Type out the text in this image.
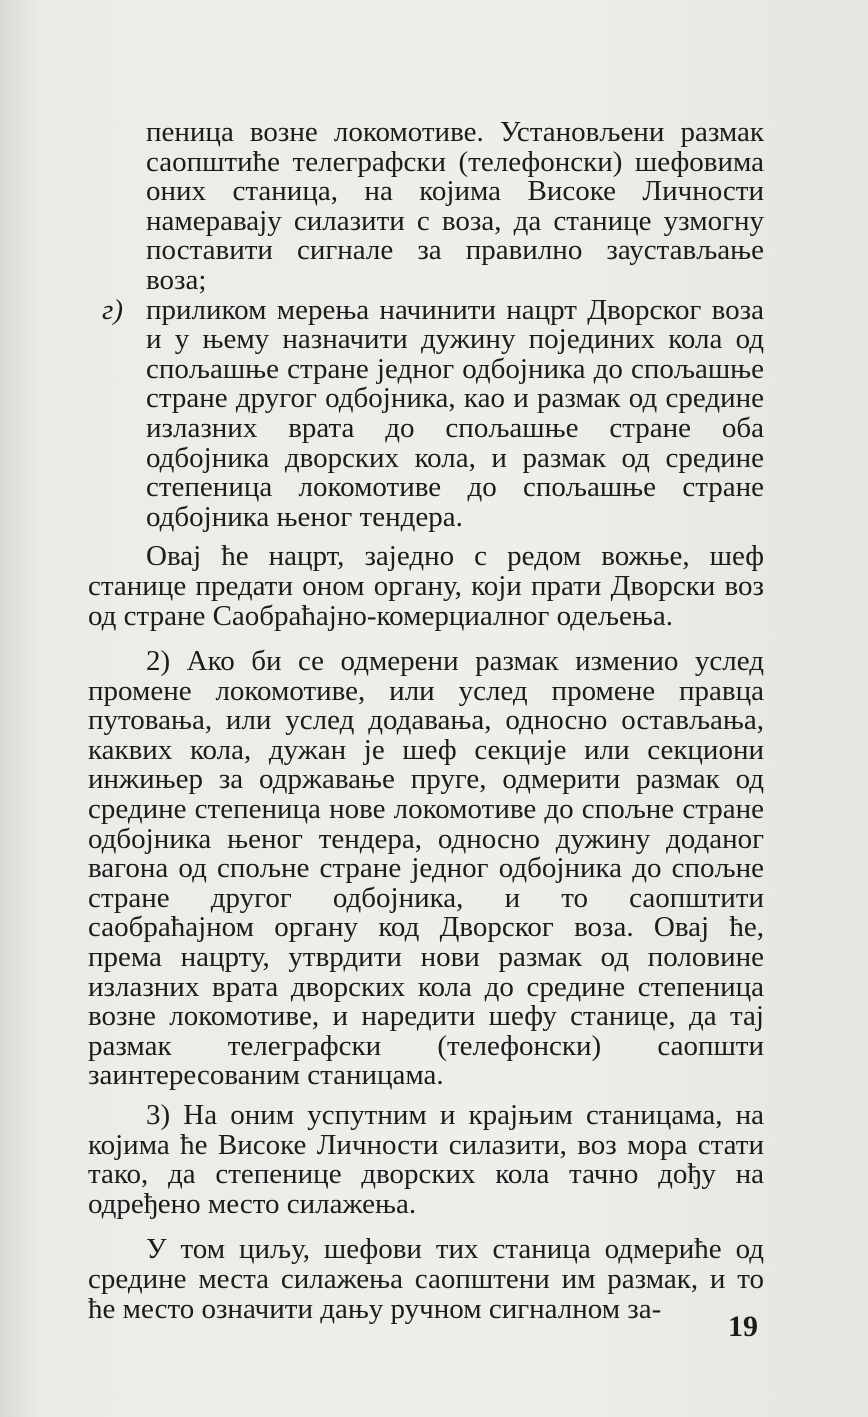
пеница возне локомотиве. Установљени размак саопштиће телеграфски (телефонски) шефовима оних станица, на којима Високе Личности намеравају силазити с воза, да станице узмогну поставити сигнале за правилно заустављање воза;

г) приликом мерења начинити нацрт Дворског воза и у њему назначити дужину појединих кола од спољашње стране једног одбојника до спољашње стране другог одбојника, као и размак од средине излазних врата до спољашње стране оба одбојника дворских кола, и размак од средине степеница локомотиве до спољашње стране одбојника њеног тендера.

Овај ће нацрт, заједно с редом вожње, шеф станице предати оном органу, који прати Дворски воз од стране Саобраћајно-комерциалног одељења.

2) Ако би се одмерени размак изменио услед промене локомотиве, или услед промене правца путовања, или услед додавања, односно остављања, каквих кола, дужан је шеф секције или секциони инжињер за одржавање пруге, одмерити размак од средине степеница нове локомотиве до спољне стране одбојника њеног тендера, односно дужину доданог вагона од спољне стране једног одбојника до спољне стране другог одбојника, и то саопштити саобраћајном органу код Дворског воза. Овај ће, према нацрту, утврдити нови размак од половине излазних врата дворских кола до средине степеница возне локомотиве, и наредити шефу станице, да тај размак телеграфски (телефонски) саопшти заинтересованим станицама.

3) На оним успутним и крајњим станицама, на којима ће Високе Личности силазити, воз мора стати тако, да степенице дворских кола тачно дођу на одређено место силажења.

У том циљу, шефови тих станица одмериће од средине места силажења саопштени им размак, и то ће место означити дању ручном сигналном за-

19
